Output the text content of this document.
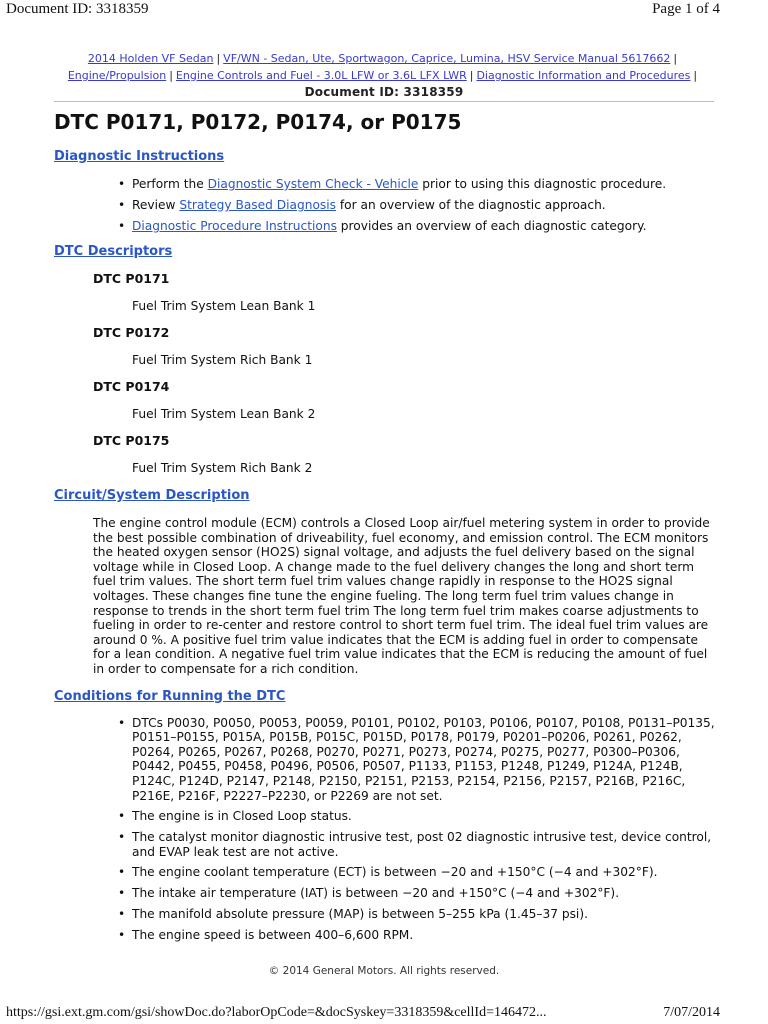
Document ID: 3318359	Page 1 of 4
2014 Holden VF Sedan | VF/WN - Sedan, Ute, Sportwagon, Caprice, Lumina, HSV Service Manual 5617662 |
Engine/Propulsion | Engine Controls and Fuel - 3.0L LFW or 3.6L LFX LWR | Diagnostic Information and Procedures |
Document ID: 3318359
DTC P0171, P0172, P0174, or P0175
Diagnostic Instructions
• Perform the Diagnostic System Check - Vehicle prior to using this diagnostic procedure.
• Review Strategy Based Diagnosis for an overview of the diagnostic approach.
• Diagnostic Procedure Instructions provides an overview of each diagnostic category.
DTC Descriptors
DTC P0171
Fuel Trim System Lean Bank 1
DTC P0172
Fuel Trim System Rich Bank 1
DTC P0174
Fuel Trim System Lean Bank 2
DTC P0175
Fuel Trim System Rich Bank 2
Circuit/System Description
The engine control module (ECM) controls a Closed Loop air/fuel metering system in order to provide the best possible combination of driveability, fuel economy, and emission control. The ECM monitors the heated oxygen sensor (HO2S) signal voltage, and adjusts the fuel delivery based on the signal voltage while in Closed Loop. A change made to the fuel delivery changes the long and short term fuel trim values. The short term fuel trim values change rapidly in response to the HO2S signal voltages. These changes fine tune the engine fueling. The long term fuel trim values change in response to trends in the short term fuel trim The long term fuel trim makes coarse adjustments to fueling in order to re-center and restore control to short term fuel trim. The ideal fuel trim values are around 0 %. A positive fuel trim value indicates that the ECM is adding fuel in order to compensate for a lean condition. A negative fuel trim value indicates that the ECM is reducing the amount of fuel in order to compensate for a rich condition.
Conditions for Running the DTC
• DTCs P0030, P0050, P0053, P0059, P0101, P0102, P0103, P0106, P0107, P0108, P0131–P0135, P0151–P0155, P015A, P015B, P015C, P015D, P0178, P0179, P0201–P0206, P0261, P0262, P0264, P0265, P0267, P0268, P0270, P0271, P0273, P0274, P0275, P0277, P0300–P0306, P0442, P0455, P0458, P0496, P0506, P0507, P1133, P1153, P1248, P1249, P124A, P124B, P124C, P124D, P2147, P2148, P2150, P2151, P2153, P2154, P2156, P2157, P216B, P216C, P216E, P216F, P2227–P2230, or P2269 are not set.
• The engine is in Closed Loop status.
• The catalyst monitor diagnostic intrusive test, post 02 diagnostic intrusive test, device control, and EVAP leak test are not active.
• The engine coolant temperature (ECT) is between −20 and +150°C (−4 and +302°F).
• The intake air temperature (IAT) is between −20 and +150°C (−4 and +302°F).
• The manifold absolute pressure (MAP) is between 5–255 kPa (1.45–37 psi).
• The engine speed is between 400–6,600 RPM.
© 2014 General Motors. All rights reserved.
https://gsi.ext.gm.com/gsi/showDoc.do?laborOpCode=&docSyskey=3318359&cellId=146472...	7/07/2014
